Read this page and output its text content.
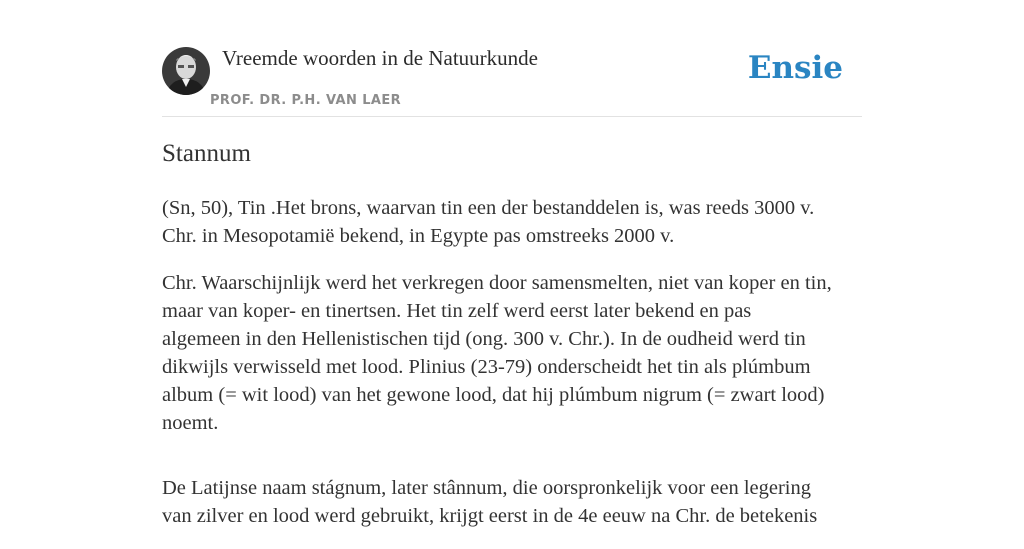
Vreemde woorden in de Natuurkunde
PROF. DR. P.H. VAN LAER
Ensie
Stannum

(Sn, 50), Tin .Het brons, waarvan tin een der bestanddelen is, was reeds 3000 v.
Chr. in Mesopotamië bekend, in Egypte pas omstreeks 2000 v.

Chr. Waarschijnlijk werd het verkregen door samensmelten, niet van koper en tin,
maar van koper- en tinertsen. Het tin zelf werd eerst later bekend en pas
algemeen in den Hellenistischen tijd (ong. 300 v. Chr.). In de oudheid werd tin
dikwijls verwisseld met lood. Plinius (23-79) onderscheidt het tin als plúmbum
album (= wit lood) van het gewone lood, dat hij plúmbum nigrum (= zwart lood)
noemt.

De Latijnse naam stágnum, later stânnum, die oorspronkelijk voor een legering
van zilver en lood werd gebruikt, krijgt eerst in de 4e eeuw na Chr. de betekenis
